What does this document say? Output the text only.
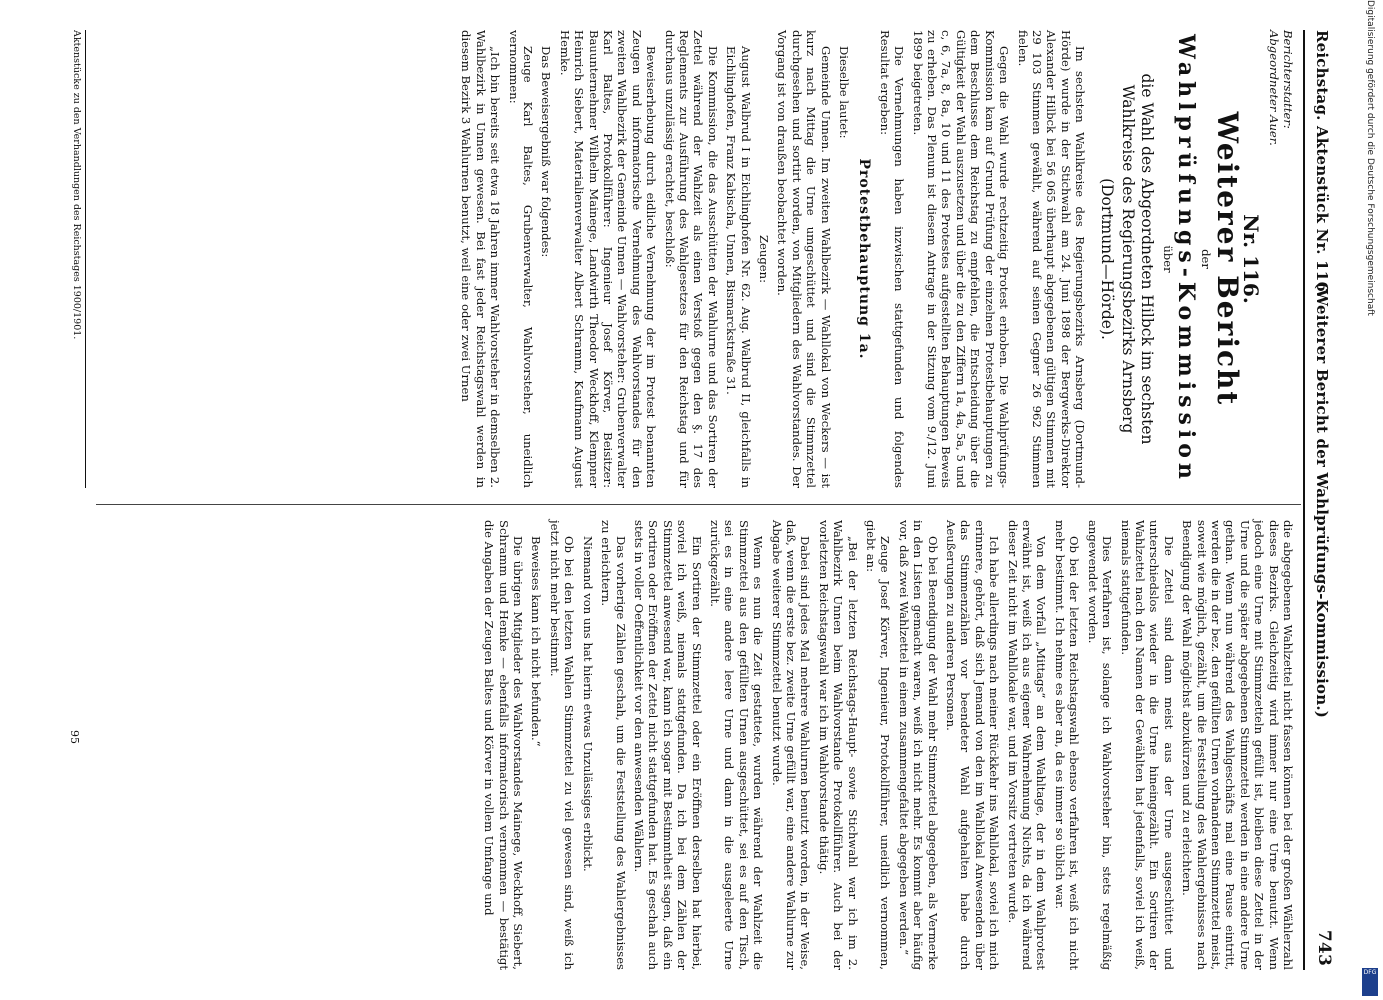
Reichstag. Aktenstück Nr. 116.
(Weiterer Bericht der Wahlprüfungs-Kommission.)
743
Berichterstatter:
Abgeordneter Auer.
Nr. 116.
Weiterer Bericht
der
Wahlprüfungs-Kommission
über
die Wahl des Abgeordneten Hilbck im sechsten Wahlkreise des Regierungsbezirks Arnsberg
(Dortmund—Hörde).

Im sechsten Wahlkreise des Regierungsbezirks Arnsberg (Dortmund-Hörde) wurde in der Stichwahl am 24. Juni 1898 der Bergwerks-Direktor Alexander Hilbck bei 56 065 überhaupt abgegebenen gültigen Stimmen mit 29 103 Stimmen gewählt, während auf seinen Gegner 26 962 Stimmen fielen.

Gegen die Wahl wurde rechtzeitig Protest erhoben. Die Wahlprüfungs-Kommission kam auf Grund Prüfung der einzelnen Protestbehauptungen zu dem Beschlusse dem Reichstag zu empfehlen, die Entscheidung über die Gültigkeit der Wahl auszusetzen und über die zu den Ziffern 1a, 4a, 5a, 5 und c, 6, 7a, 8, 8a, 10 und 11 des Protestes aufgestellten Behauptungen Beweis zu erheben. Das Plenum ist diesem Antrage in der Sitzung vom 9./12. Juni 1899 beigetreten.

Die Vernehmungen haben inzwischen stattgefunden und folgendes Resultat ergeben:

Protestbehauptung 1a.

Dieselbe lautet:

Gemeinde Unnen. Im zweiten Wahlbezirk — Wahllokal von Weckers — ist kurz nach Mittag die Urne umgeschüttet und sind die Stimmzettel durchgesehen und sortirt worden, von Mitgliedern des Wahlvorstandes. Der Vorgang ist von draußen beobachtet worden.

Zeugen:

August Walbrud I in Eichlinghofen Nr. 62. Aug. Walbrud II, gleichfalls in Eichlinghofen, Franz Kabischa, Unnen, Bismarckstraße 31.

Die Kommission, die das Ausschütten der Wahlurne und das Sortiren der Zettel während der Wahlzeit als einen Verstoß gegen den §. 17 des Reglements zur Ausführung des Wahlgesetzes für den Reichstag und für durchaus unzulässig erachtet, beschloß:

Beweiserhebung durch eidliche Vernehmung der im Protest benannten Zeugen und informatorische Vernehmung des Wahlvorstandes für den zweiten Wahlbezirk der Gemeinde Unnen — Wahlvorsteher: Grubenverwalter Karl Baltes, Protokollführer: Ingenieur Josef Körver, Beisitzer: Bauunternehmer Wilhelm Mainege, Landwirth Theodor Weckhoff, Klempner Heinrich Siebert, Materialienverwalter Albert Schramm, Kaufmann August Hemke.

Das Beweisergebniß war folgendes:

Zeuge Karl Baltes, Grubenverwalter, Wahlvorsteher, uneidlich vernommen:

„Ich bin bereits seit etwa 18 Jahren immer Wahlvorsteher in demselben 2. Wahlbezirk in Unnen gewesen. Bei fast jeder Reichstagswahl werden in diesem Bezirk 3 Wahlurnen benutzt, weil eine oder zwei Urnen

Aktenstücke zu den Verhandlungen des Reichstages 1900/1901.
95	die abgegebenen Wahlzettel nicht fassen können bei der großen Wählerzahl dieses Bezirks. Gleichzeitig wird immer nur eine Urne benutzt. Wenn jedoch eine Urne mit Stimmzetteln gefüllt ist, bleiben diese Zettel in der Urne und die später abgegebenen Stimmzettel werden in eine andere Urne gethan. Wenn nun während des Wahlgeschäfts mal eine Pause eintritt, werden die in der bez. den gefüllten Urnen vorhandenen Stimmzettel meist, soweit wie möglich, gezählt, um die Feststellung des Wahlergebnisses nach Beendigung der Wahl möglichst abzukürzen und zu erleichtern.

Die Zettel sind dann meist aus der Urne ausgeschüttet und unterschiedslos wieder in die Urne hineingezählt. Ein Sortiren der Wahlzettel nach den Namen der Gewählten hat jedenfalls, soviel ich weiß, niemals stattgefunden.

Dies Verfahren ist, solange ich Wahlvorsteher bin, stets regelmäßig angewendet worden.

Ob bei der letzten Reichstagswahl ebenso verfahren ist, weiß ich nicht mehr bestimmt. Ich nehme es aber an, da es immer so üblich war.

Von dem Vorfall „Mittags“ an dem Wahltage, der in dem Wahlprotest erwähnt ist, weiß ich aus eigener Wahrnehmung Nichts, da ich während dieser Zeit nicht im Wahllokale war, und im Vorsitz vertreten wurde.

Ich habe allerdings nach meiner Rückkehr ins Wahllokal, soviel ich mich erinnere, gehört, daß sich Jemand von den im Wahllokal Anwesenden über das Stimmenzählen vor beendeter Wahl aufgehalten habe durch Aeußerungen zu anderen Personen.

Ob bei Beendigung der Wahl mehr Stimmzettel abgegeben, als Vermerke in den Listen gemacht waren, weiß ich nicht mehr. Es kommt aber häufig vor, daß zwei Wahlzettel in einem zusammengefaltet abgegeben werden.“

Zeuge Josef Körver, Ingenieur, Protokollführer, uneidlich vernommen, giebt an:

„Bei der letzten Reichstags-Haupt- sowie Stichwahl war ich im 2. Wahlbezirk Unnen beim Wahlvorstande Protokollführer. Auch bei der vorletzten Reichstagswahl war ich im Wahlvorstande thätig.

Dabei sind jedes Mal mehrere Wahlurnen benutzt worden, in der Weise, daß, wenn die erste bez. zweite Urne gefüllt war, eine andere Wahlurne zur Abgabe weiterer Stimmzettel benutzt wurde.

Wenn es nun die Zeit gestattete, wurden während der Wahlzeit die Stimmzettel aus den gefüllten Urnen ausgeschüttet, sei es auf den Tisch, sei es in eine andere leere Urne und dann in die ausgeleerte Urne zurückgezählt.

Ein Sortiren der Stimmzettel oder ein Eröffnen derselben hat hierbei, soviel ich weiß, niemals stattgefunden. Da ich bei dem Zählen der Stimmzettel anwesend war, kann ich sogar mit Bestimmtheit sagen, daß ein Sortiren oder Eröffnen der Zettel nicht stattgefunden hat. Es geschah auch stets in voller Oeffentlichkeit vor den anwesenden Wählern.

Das vorherige Zählen geschah, um die Feststellung des Wahlergebnisses zu erleichtern.

Niemand von uns hat hierin etwas Unzulässiges erblickt.

Ob bei den letzten Wahlen Stimmzettel zu viel gewesen sind, weiß ich jetzt nicht mehr bestimmt.

Beweises kann ich nicht befunden.“

Die übrigen Mitglieder des Wahlvorstandes Mainege, Weckhoff, Siebert, Schramm und Hemke — ebenfalls informatorisch vernommen — bestätigt die Angaben der Zeugen Baltes und Körver in vollem Umfange und

Digitalisierung gefördert durch die Deutsche Forschungsgemeinschaft
DFG
